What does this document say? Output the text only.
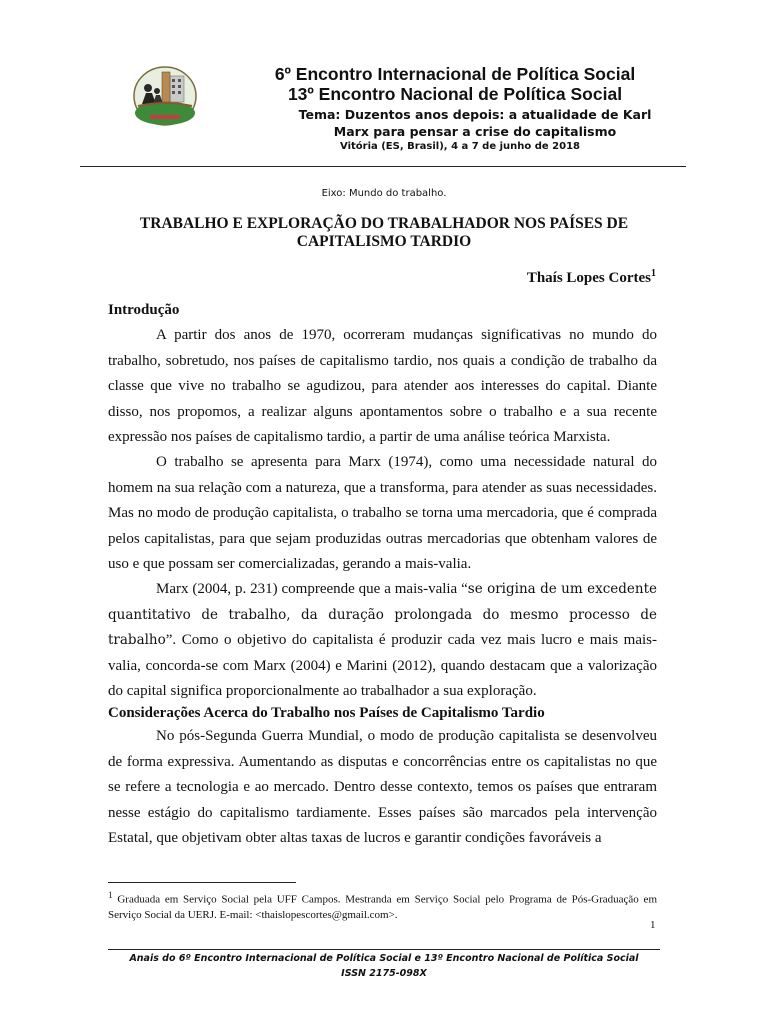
6º Encontro Internacional de Política Social
13º Encontro Nacional de Política Social
Tema: Duzentos anos depois: a atualidade de Karl
Marx para pensar a crise do capitalismo
Vitória (ES, Brasil), 4 a 7 de junho de 2018
Eixo: Mundo do trabalho.
TRABALHO E EXPLORAÇÃO DO TRABALHADOR NOS PAÍSES DE
CAPITALISMO TARDIO
Thaís Lopes Cortes$^1$
Introdução

A partir dos anos de 1970, ocorreram mudanças significativas no mundo do trabalho, sobretudo, nos países de capitalismo tardio, nos quais a condição de trabalho da classe que vive no trabalho se agudizou, para atender aos interesses do capital. Diante disso, nos propomos, a realizar alguns apontamentos sobre o trabalho e a sua recente expressão nos países de capitalismo tardio, a partir de uma análise teórica Marxista.

O trabalho se apresenta para Marx (1974), como uma necessidade natural do homem na sua relação com a natureza, que a transforma, para atender as suas necessidades. Mas no modo de produção capitalista, o trabalho se torna uma mercadoria, que é comprada pelos capitalistas, para que sejam produzidas outras mercadorias que obtenham valores de uso e que possam ser comercializadas, gerando a mais-valia.

Marx (2004, p. 231) compreende que a mais-valia “se origina de um excedente quantitativo de trabalho, da duração prolongada do mesmo processo de trabalho”. Como o objetivo do capitalista é produzir cada vez mais lucro e mais mais-valia, concorda-se com Marx (2004) e Marini (2012), quando destacam que a valorização do capital significa proporcionalmente ao trabalhador a sua exploração.

Considerações Acerca do Trabalho nos Países de Capitalismo Tardio

No pós-Segunda Guerra Mundial, o modo de produção capitalista se desenvolveu de forma expressiva. Aumentando as disputas e concorrências entre os capitalistas no que se refere a tecnologia e ao mercado. Dentro desse contexto, temos os países que entraram nesse estágio do capitalismo tardiamente. Esses países são marcados pela intervenção Estatal, que objetivam obter altas taxas de lucros e garantir condições favoráveis a

$^1$ Graduada em Serviço Social pela UFF Campos. Mestranda em Serviço Social pelo Programa de Pós-Graduação em Serviço Social da UERJ. E-mail: <thaislopescortes@gmail.com>.

1
Anais do 6º Encontro Internacional de Política Social e 13º Encontro Nacional de Política Social
ISSN 2175-098X
